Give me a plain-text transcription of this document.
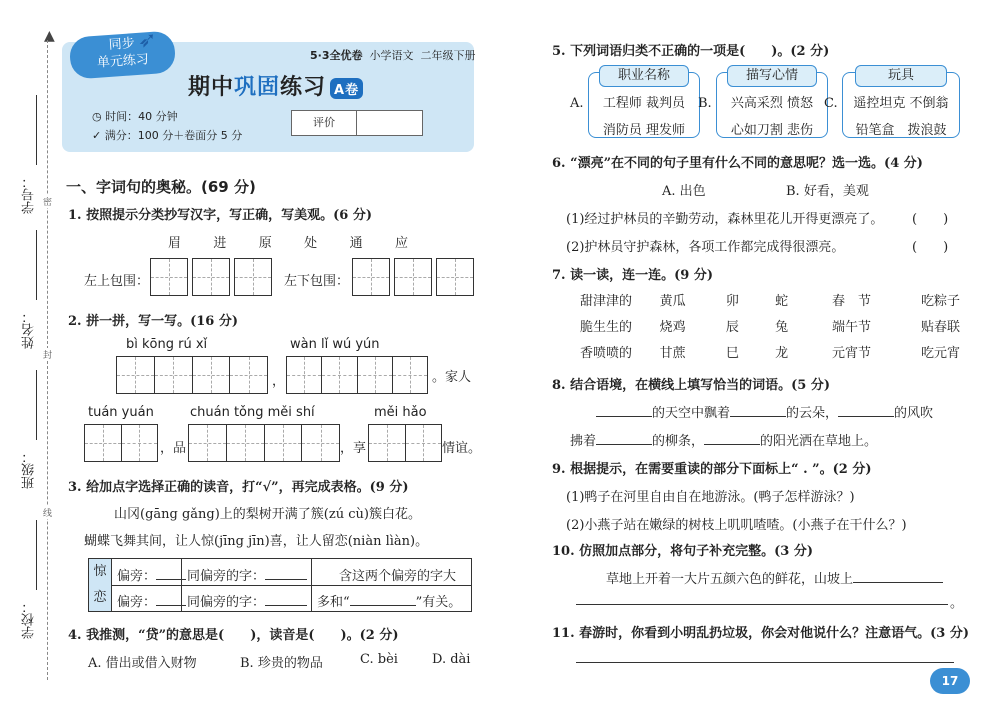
▲
学号：
姓名：
班级：
学校：
密
封
线
同步
单元练习
➶
5·3全优卷 小学语文 二年级下册
期中巩固练习 A卷
◷ 时间：40 分钟
✓ 满分：100 分＋卷面分 5 分
评价
一、字词句的奥秘。(69 分)
1. 按照提示分类抄写汉字，写正确，写美观。(6 分)
眉 进 原 处 通 应
左上包围：	左下包围：
2. 拼一拼，写一写。(16 分)
bì kōng rú xǐ	wàn lǐ wú yún
，	。家人
tuán yuán	chuán tǒng měi shí	měi hǎo
，品	，享	情谊。
3. 给加点字选择正确的读音，打“√”，再完成表格。(9 分)
山冈(gāng gǎng)上的梨树开满了簇(zú cù)簇白花。
蝴蝶飞舞其间，让人惊(jīng jīn)喜，让人留恋(niàn lìàn)。
惊 偏旁：	同偏旁的字：	含这两个偏旁的字大
恋 偏旁：	同偏旁的字：	多和“	”有关。
4. 我推测，“贷”的意思是(　　)，读音是(　　)。(2 分)
A. 借出或借入财物	B. 珍贵的物品	C. bèi	D. dài
5. 下列词语归类不正确的一项是(　　)。(2 分)
A.
职业名称
工程师 裁判员
消防员 理发师
B.
描写心情
兴高采烈 愤怒
心如刀割 悲伤
C.
玩具
遥控坦克 不倒翁
铅笔盒　拨浪鼓
6. “漂亮”在不同的句子里有什么不同的意思呢？选一选。(4 分)
A. 出色	B. 好看，美观
(1)经过护林员的辛勤劳动，森林里花儿开得更漂亮了。 (　　)
(2)护林员守护森林，各项工作都完成得很漂亮。	(　　)
7. 读一读，连一连。(9 分)
甜津津的	黄瓜	卯	蛇	春　节	吃粽子
脆生生的	烧鸡	辰	兔	端午节	贴春联
香喷喷的	甘蔗	巳	龙	元宵节	吃元宵
8. 结合语境，在横线上填写恰当的词语。(5 分)
的天空中飘着	的云朵，	的风吹
拂着	的柳条，	的阳光洒在草地上。
9. 根据提示，在需要重读的部分下面标上“ . ”。(2 分)
(1)鸭子在河里自由自在地游泳。(鸭子怎样游泳？)
(2)小燕子站在嫩绿的树枝上叽叽喳喳。(小燕子在干什么？)
10. 仿照加点部分，将句子补充完整。(3 分)
草地上开着一大片五颜六色的鲜花，山坡上
。
11. 春游时，你看到小明乱扔垃圾，你会对他说什么？注意语气。(3 分)
17
